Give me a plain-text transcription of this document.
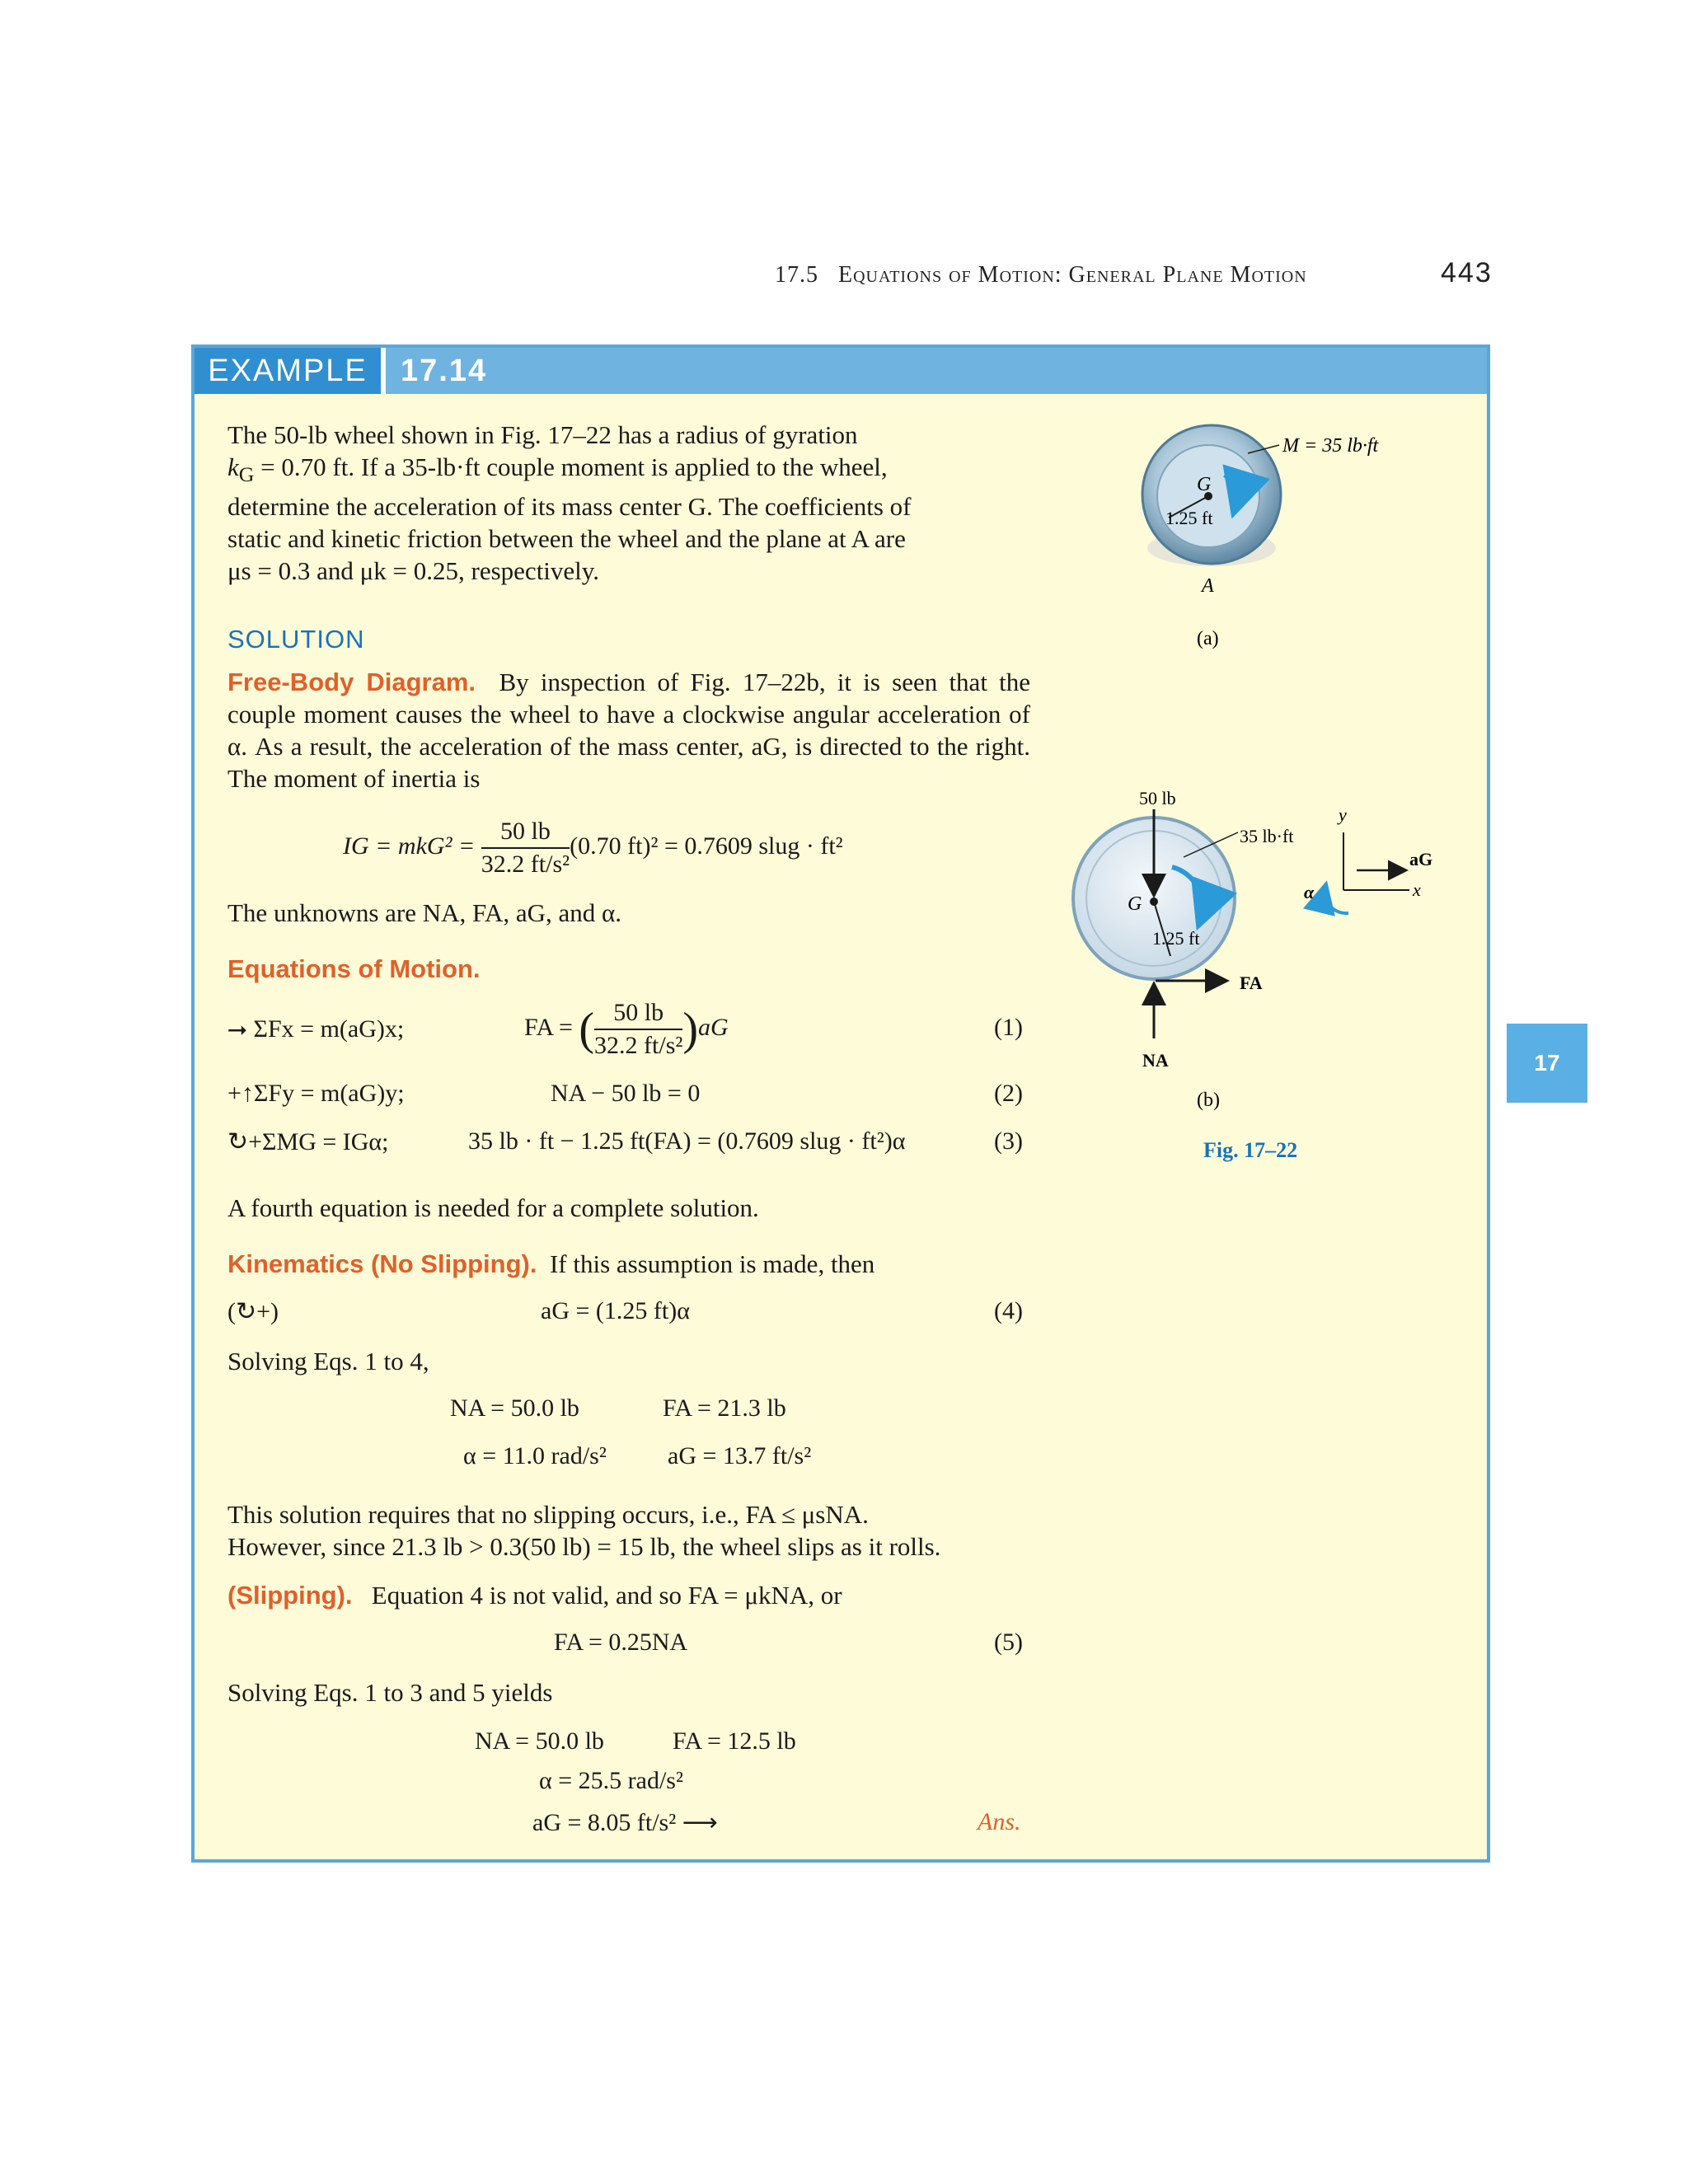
17.5 Equations of Motion: General Plane Motion	443
EXAMPLE	17.14
The 50-lb wheel shown in Fig. 17–22 has a radius of gyration
$k_G = 0.70$ ft. If a 35-lb·ft couple moment is applied to the wheel,
determine the acceleration of its mass center G. The coefficients of
static and kinetic friction between the wheel and the plane at A are
μs = 0.3 and μk = 0.25, respectively.
SOLUTION
Free-Body Diagram. By inspection of Fig. 17–22b, it is seen that the couple moment causes the wheel to have a clockwise angular acceleration of α. As a result, the acceleration of the mass center, aG, is directed to the right. The moment of inertia is
IG = $mkG^2 = \frac{50 lb}{\text{32.2 ft/s²}} (0.70$ ft)² = 0.7609 slug · ft²
The unknowns are NA, FA, aG, and α.
Equations of Motion.
⭢ ΣFx = m(aG)x;	FA = ( $\frac{50 lb}{\text{32.2 ft/s²}} )aG$	(1)
+↑ΣFy = m(aG)y;	NA − 50 lb = 0	(2)
↻+ΣMG = IGα;	35 lb · ft − 1.25 ft(FA) = (0.7609 slug · ft²)α	(3)
A fourth equation is needed for a complete solution.
Kinematics (No Slipping). If this assumption is made, then
(↻+)	aG = (1.25 ft)α	(4)
Solving Eqs. 1 to 4,
NA = 50.0 lb	FA = 21.3 lb
α = 11.0 rad/s² aG = 13.7 ft/s²
This solution requires that no slipping occurs, i.e., FA ≤ μsNA.
However, since 21.3 lb > 0.3(50 lb) = 15 lb, the wheel slips as it rolls.
(Slipping). Equation 4 is not valid, and so FA = μkNA, or
FA = 0.25NA	(5)
Solving Eqs. 1 to 3 and 5 yields
NA = 50.0 lb	FA = 12.5 lb
α = 25.5 rad/s²
aG = 8.05 ft/s² ⟶	Ans.
M = 35 lb·ft
G
1.25 ft
A
(a)
50 lb
G
1.25 ft
35 lb·ft
FA
NA
y
x
aG
α
(b)
Fig. 17–22
17
